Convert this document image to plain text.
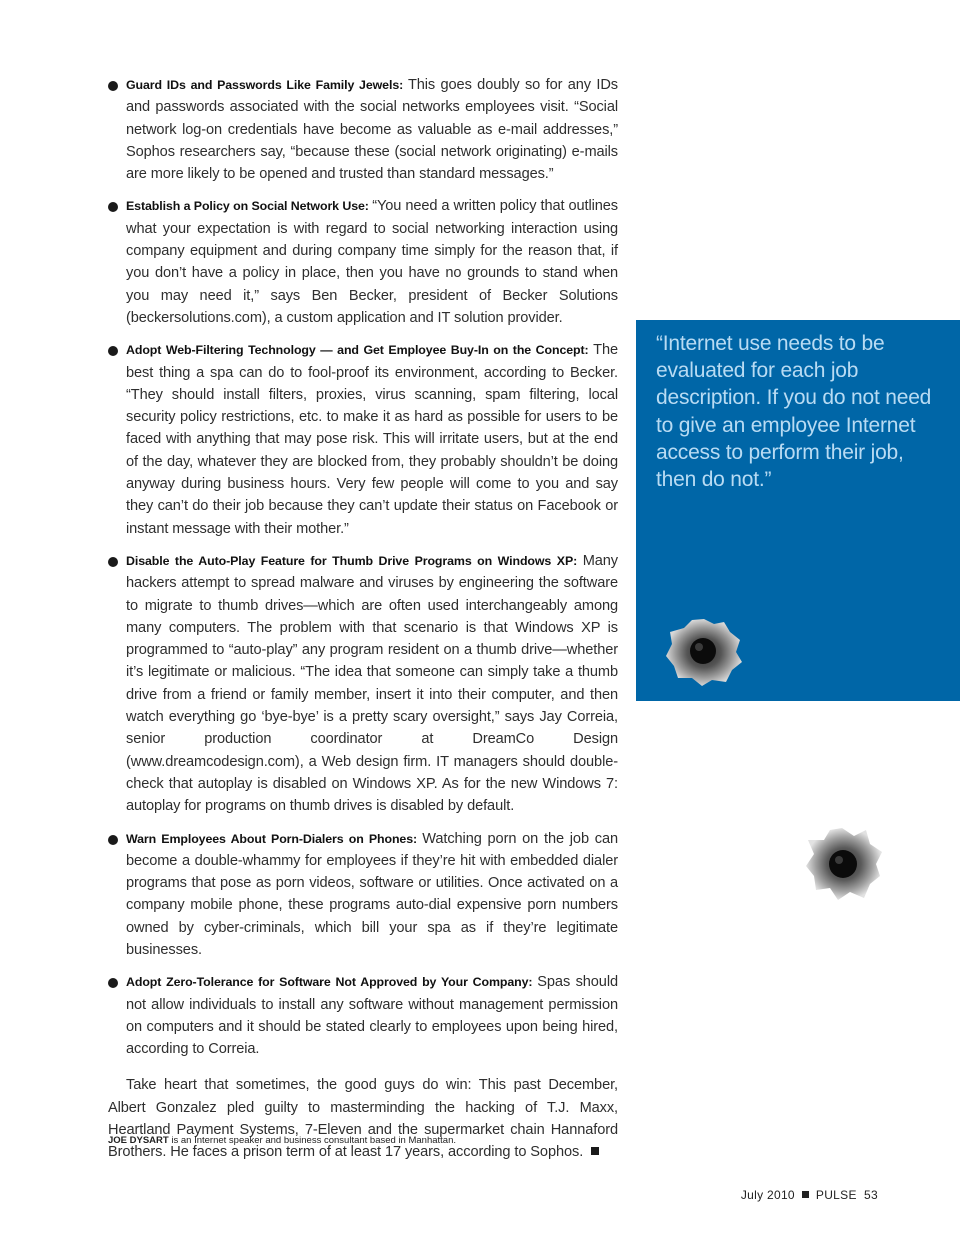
Guard IDs and Passwords Like Family Jewels: This goes doubly so for any IDs and passwords associated with the social networks employees visit. “Social network log-on credentials have become as valuable as e-mail addresses,” Sophos researchers say, “because these (social network originating) e-mails are more likely to be opened and trusted than standard messages.”
Establish a Policy on Social Network Use: “You need a written policy that outlines what your expectation is with regard to social networking interaction using company equipment and during company time simply for the reason that, if you don’t have a policy in place, then you have no grounds to stand when you may need it,” says Ben Becker, president of Becker Solutions (beckersolutions.com), a custom application and IT solution provider.
Adopt Web-Filtering Technology — and Get Employee Buy-In on the Concept: The best thing a spa can do to fool-proof its environment, according to Becker. “They should install filters, proxies, virus scanning, spam filtering, local security policy restrictions, etc. to make it as hard as possible for users to be faced with anything that may pose risk. This will irritate users, but at the end of the day, whatever they are blocked from, they probably shouldn’t be doing anyway during business hours. Very few people will come to you and say they can’t do their job because they can’t update their status on Facebook or instant message with their mother.”
Disable the Auto-Play Feature for Thumb Drive Programs on Windows XP: Many hackers attempt to spread malware and viruses by engineering the software to migrate to thumb drives—which are often used interchangeably among many computers. The problem with that scenario is that Windows XP is programmed to “auto-play” any program resident on a thumb drive—whether it’s legitimate or malicious. “The idea that someone can simply take a thumb drive from a friend or family member, insert it into their computer, and then watch everything go ‘bye-bye’ is a pretty scary oversight,” says Jay Correia, senior production coordinator at DreamCo Design (www.dreamcodesign.com), a Web design firm. IT managers should double-check that autoplay is disabled on Windows XP. As for the new Windows 7: autoplay for programs on thumb drives is disabled by default.
Warn Employees About Porn-Dialers on Phones: Watching porn on the job can become a double-whammy for employees if they’re hit with embedded dialer programs that pose as porn videos, software or utilities. Once activated on a company mobile phone, these programs auto-dial expensive porn numbers owned by cyber-criminals, which bill your spa as if they’re legitimate businesses.
Adopt Zero-Tolerance for Software Not Approved by Your Company: Spas should not allow individuals to install any software without management permission on computers and it should be stated clearly to employees upon being hired, according to Correia.

Take heart that sometimes, the good guys do win: This past December, Albert Gonzalez pled guilty to masterminding the hacking of T.J. Maxx, Heartland Payment Systems, 7-Eleven and the supermarket chain Hannaford Brothers. He faces a prison term of at least 17 years, according to Sophos.

JOE DYSART is an Internet speaker and business consultant based in Manhattan.
“Internet use needs to be evaluated for each job description. If you do not need to give an employee Internet access to perform their job, then do not.”
July 2010 PULSE 53
